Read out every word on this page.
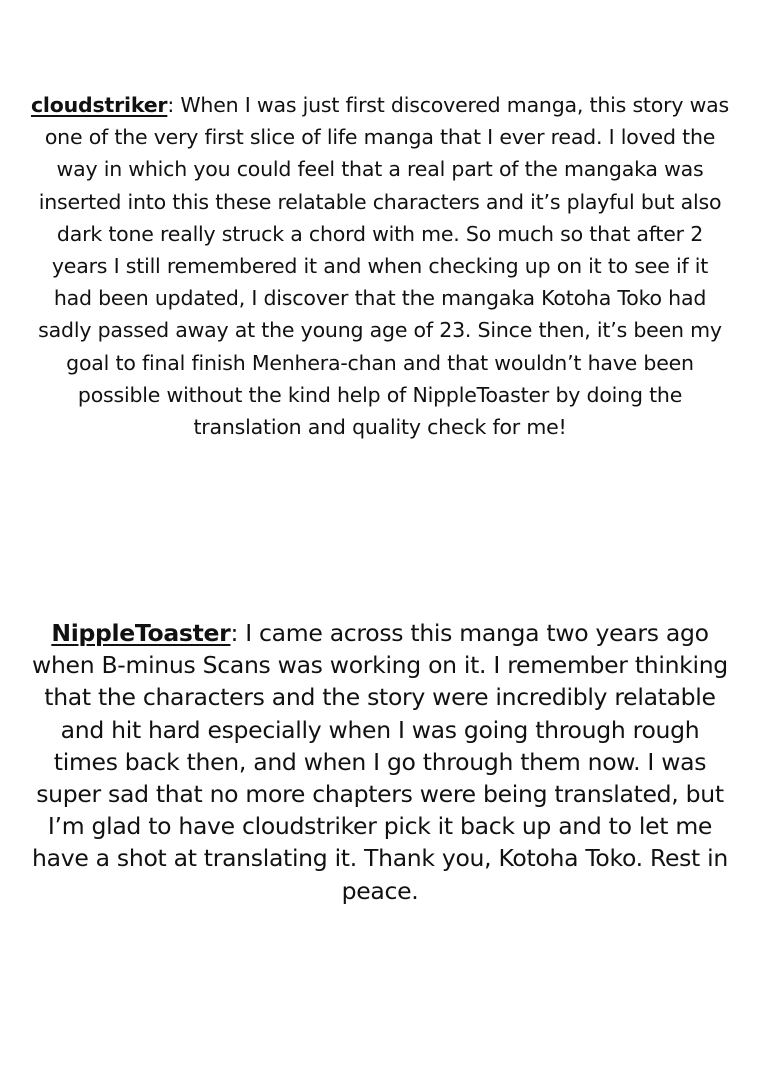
cloudstriker: When I was just first discovered manga, this story was one of the very first slice of life manga that I ever read. I loved the way in which you could feel that a real part of the mangaka was inserted into this these relatable characters and it’s playful but also dark tone really struck a chord with me. So much so that after 2 years I still remembered it and when checking up on it to see if it had been updated, I discover that the mangaka Kotoha Toko had sadly passed away at the young age of 23. Since then, it’s been my goal to final finish Menhera-chan and that wouldn’t have been possible without the kind help of NippleToaster by doing the translation and quality check for me!

NippleToaster: I came across this manga two years ago when B-minus Scans was working on it. I remember thinking that the characters and the story were incredibly relatable and hit hard especially when I was going through rough times back then, and when I go through them now. I was super sad that no more chapters were being translated, but I’m glad to have cloudstriker pick it back up and to let me have a shot at translating it. Thank you, Kotoha Toko. Rest in peace.
